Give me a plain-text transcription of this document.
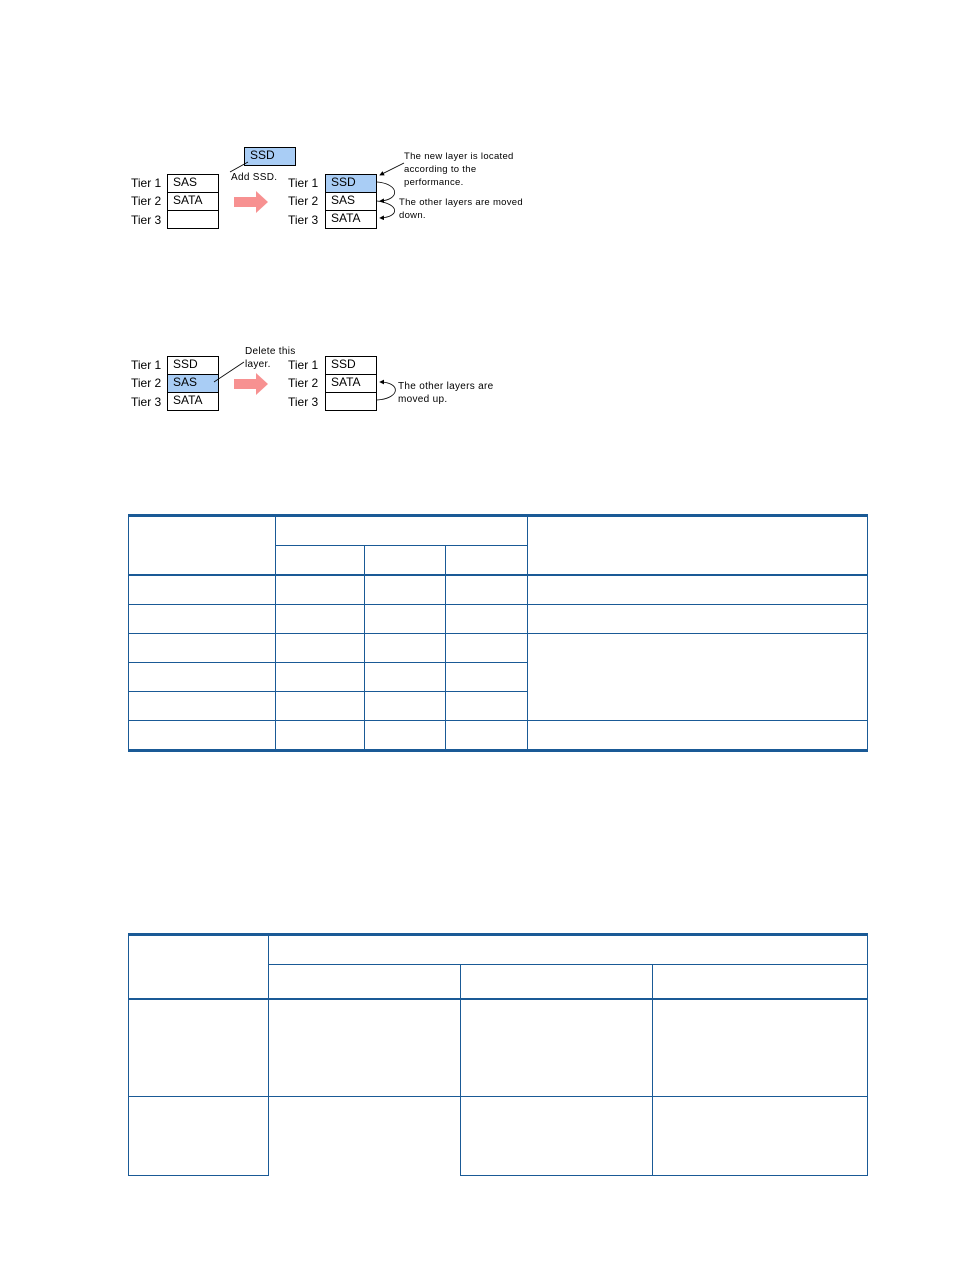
Tier 1
Tier 2
Tier 3
SAS
SATA
SSD
Add SSD. Tier 1
Tier 2
Tier 3
SSD
SAS
SATA
The new layer is located
according to the
performance.
The other layers are moved
down.
Tier 1
Tier 2
Tier 3
SSD
SAS
SATA
Delete this
layer.	Tier 1
Tier 2
Tier 3
SSD
SATA	The other layers are
moved up.
